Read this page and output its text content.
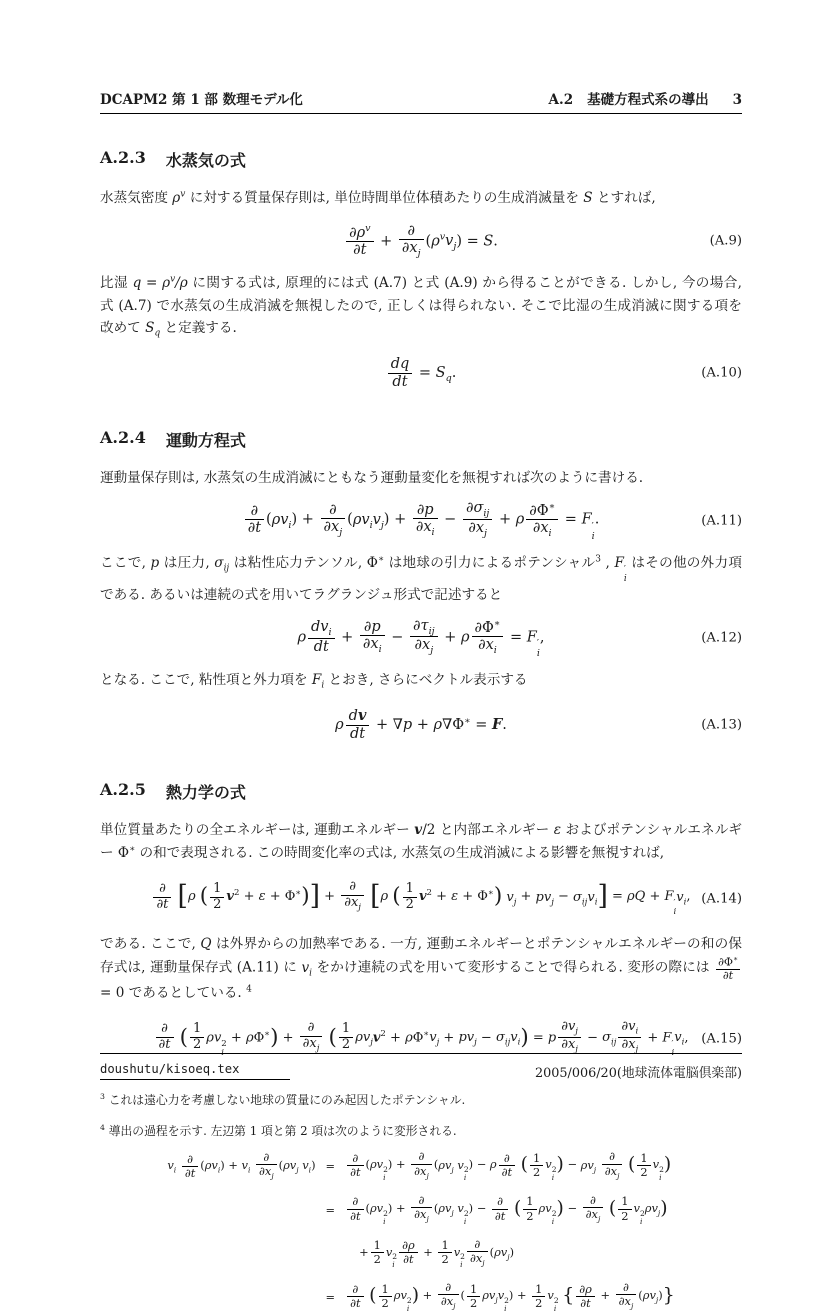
DCAPM2 第 1 部 数理モデル化	A.2 基礎方程式系の導出 3
A.2.3 水蒸気の式

水蒸気密度 $\rho^v$ に対する質量保存則は, 単位時間単位体積あたりの生成消滅量を S とすれば,

$\frac{\partial\rho^v}{\partial t}$ +
∂
$\partial x_j$
$(\rho^vv_j) = S$.	(A.9)

比湿 $q = \rho^v/\rho$ に関する式は, 原理的には式 (A.7) と式 (A.9) から得ることができる. しかし, 今の場合, 式 (A.7) で水蒸気の生成消滅を無視したので, 正しくは得られない. そこで比湿の生成消滅に関する項を改めて $S_q$ と定義する.

$\frac{dq}{dt} = S_q$.	(A.10)
A.2.4 運動方程式

運動量保存則は, 水蒸気の生成消滅にともなう運動量変化を無視すれば次のように書ける.

∂
∂t
$(\rho v_i)$ +
∂
$\partial x_j$
$(\rho v_iv_j) + \frac{\partial p}{\partial x_i}$ −
$\partial\sigma_{ij}$
$\partial x_j$
+ ρ $\frac{\partial\Phi^∗}{\partial x_i} = F$ ′
i
.	(A.11)

ここで, p は圧力, $\sigma_{ij}$ は粘性応力テンソル, Φ∗ は地球の引力によるポテンシャル$^3$ , F ′
i
はその他の外力項である. あるいは連続の式を用いてラグランジュ形式で記述すると

ρ
$dv_i$
dt
+ $\frac{\partial p}{\partial x_i}$ −
$\partial\tau_{ij}$
$\partial x_j$
+ ρ $\frac{\partial\Phi^∗}{\partial x_i} = F$ ′
i
,	(A.12)

となる. ここで, 粘性項と外力項を $F_i$ とおき, さらにベクトル表示する

ρ $\frac{dv}{dt} + \nabla p + \rho\nabla\Phi^∗ = F$.	(A.13)
A.2.5 熱力学の式

単位質量あたりの全エネルギーは, 運動エネルギー v/2 と内部エネルギー ε およびポテンシャルエネルギー Φ∗ の和で表現される. この時間変化率の式は, 水蒸気の生成消滅による影響を無視すれば,

∂
∂t [ρ ( $\frac{1}{2} v^2 + \varepsilon + \Phi^∗$)] +
∂
$\partial x_j$ [ρ ( $\frac{1}{2} v^2 + \varepsilon + \Phi^∗$) $v_j + pv_j - \sigma_{ij}v_i] = \rho Q + F$ ′
i
$v_i$, (A.14)

である. ここで, Q は外界からの加熱率である. 一方, 運動エネルギーとポテンシャルエネルギーの和の保存式は, 運動量保存式 (A.11) に $v_i$ をかけ連続の式を用いて変形することで得られる. 変形の際には $\frac{\partial\Phi^∗}{\partial t}$
= 0 であるとしている. $^4$

∂
∂t ( $\frac{1}{2}$ ρv 2
i
+ ρΦ∗) +
∂
$\partial x_j$ ( $\frac{1}{2} \rho v_jv^2 + \rho\Phi^∗v_j + pv_j - \sigma_{ij}v_i) = p \frac{\partial v_j}{\partial x_j} - \sigma_{ij} \frac{\partial v_i}{\partial x_j} + F$ ′
i
$v_i$, (A.15)

$^3$ これは遠心力を考慮しない地球の質量にのみ起因したポテンシャル.

$^4$ 導出の過程を示す. 左辺第 1 項と第 2 項は次のように変形される.

$v_i$
∂
∂t
$(\rho v_i) + v_i$
∂
$\partial x_j$
($\rho v_j$ $v_i$) =
∂
∂t
(ρv 2
i
) +
∂
$\partial x_j$
($\rho v_j$ v 2
i
) − ρ ∂
∂t ( $\frac{1}{2}$ v 2
i
) − $\rho v_j$
∂
$\partial x_j$ ( $\frac{1}{2}$ v 2
i
)
=
∂
∂t
(ρv 2
i
) +
∂
$\partial x_j$
($\rho v_j$ v 2
i
) − ∂
∂t ( $\frac{1}{2}$ ρv 2
i
) −
∂
$\partial x_j$ ( $\frac{1}{2}$ v 2
i
$\rho v_j$)
+ $\frac{1}{2}$ v 2
i $\frac{\partial\rho}{\partial t} + \frac{1}{2}$ v 2
i
∂
$\partial x_j$
$(\rho v_j)$
=
∂
∂t ( $\frac{1}{2}$ ρv 2
i
) +
∂
$\partial x_j$
( $\frac{1}{2} \rho v_jv$ 2
i
) + $\frac{1}{2}$ v 2
i
{ $\frac{\partial\rho}{\partial t}$ +
∂
$\partial x_j$
$(\rho v_j)$}
doushutu/kisoeq.tex	2005/006/20(地球流体電脳倶楽部)
